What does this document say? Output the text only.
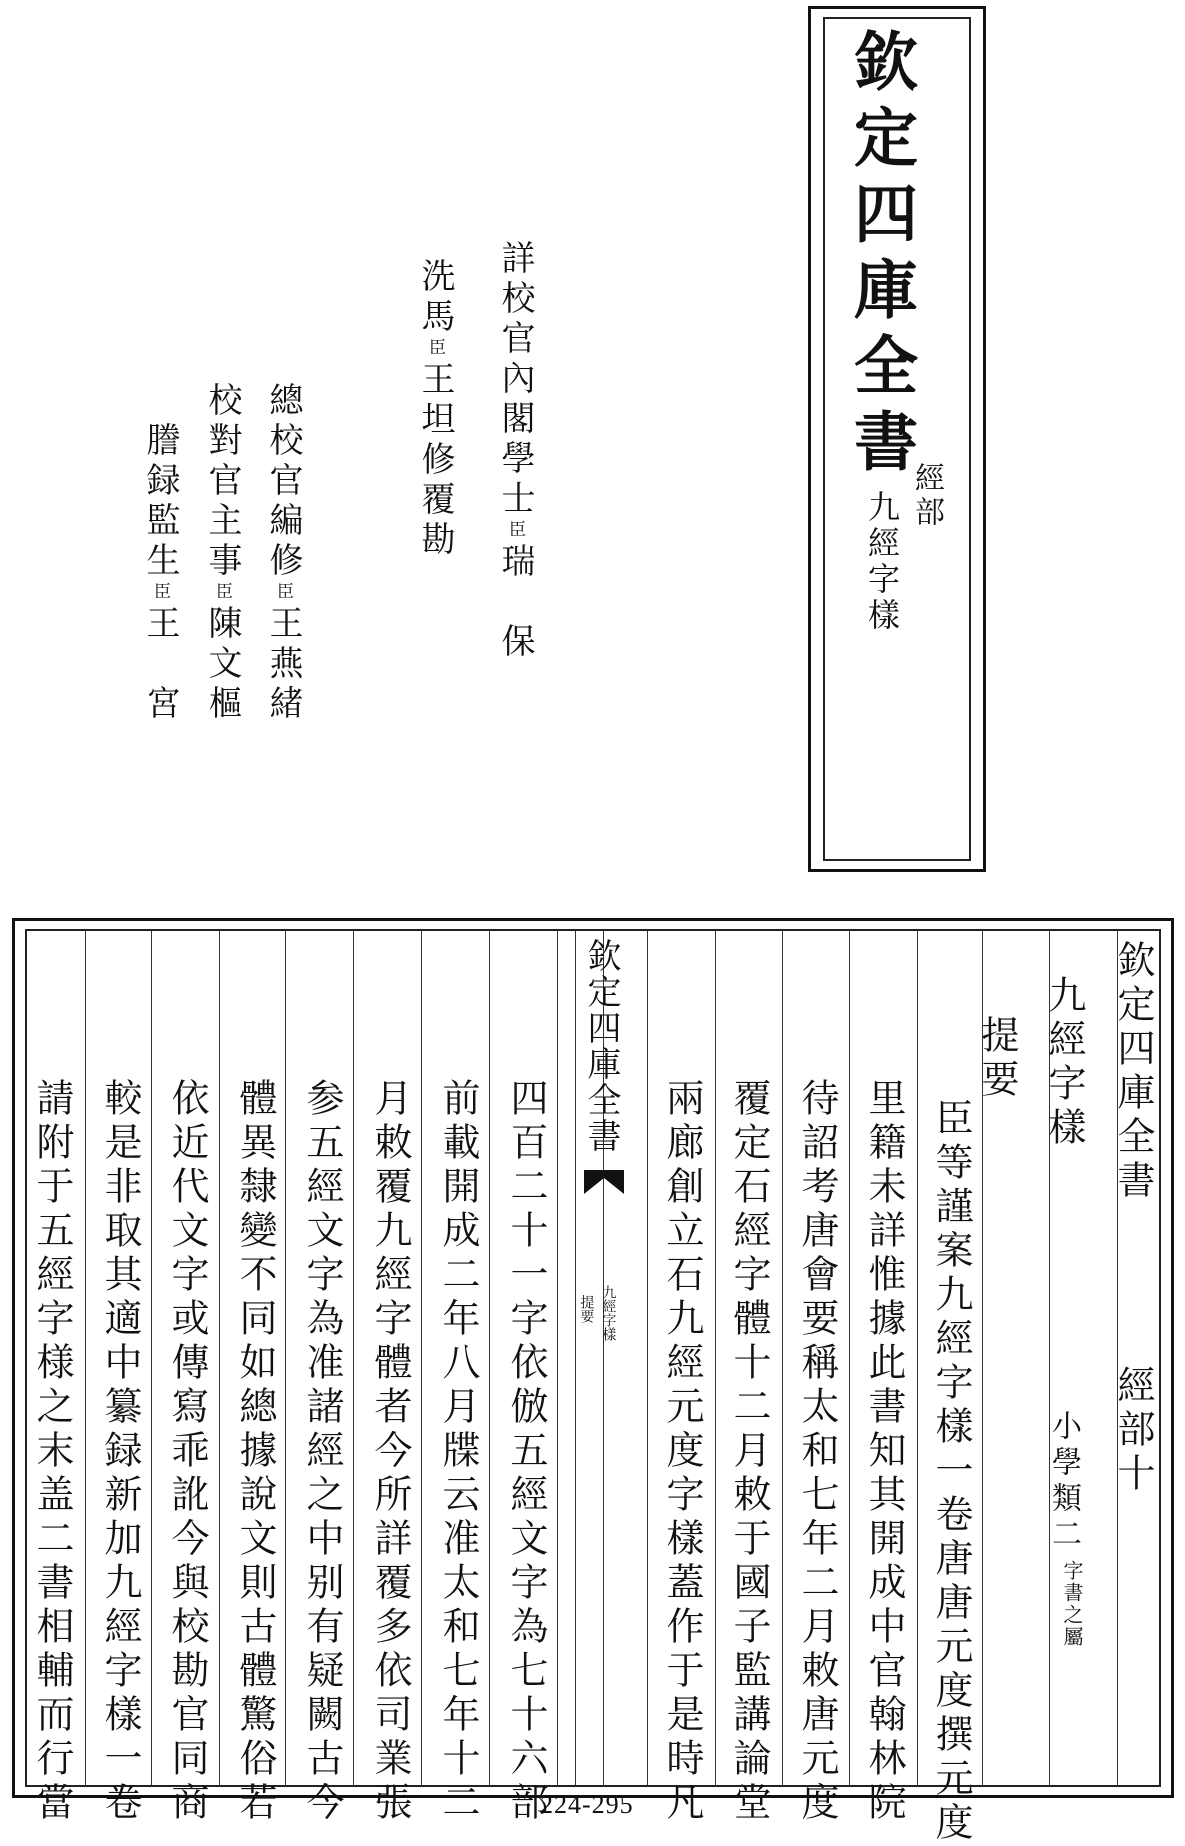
欽定四庫全書
經部
九經字樣
詳校官內閣學士臣瑞　保
洗馬臣王坦修覆勘
總校官編修臣王燕緒
校對官主事臣陳文樞
謄録監生臣王　宮
欽定四庫全書
經部十
九經字樣
小學類二
字書之屬
提要
欽定四庫全書
九經字樣
提要	臣等謹案九經字樣一卷唐唐元度撰元度
里籍未詳惟據此書知其開成中官翰林院
待詔考唐會要稱太和七年二月敕唐元度
覆定石經字體十二月敕于國子監講論堂
兩廊創立石九經元度字樣蓋作于是時凡
四百二十一字依倣五經文字為七十六部
前載開成二年八月牒云准太和七年十二
月敕覆九經字體者今所詳覆多依司業張
参五經文字為准諸經之中别有疑闕古今
體異隸變不同如總據說文則古體驚俗若
依近代文字或傳寫乖訛今與校勘官同商
較是非取其適中纂録新加九經字樣一卷
請附于五經字様之末盖二書相輔而行當	224-295
